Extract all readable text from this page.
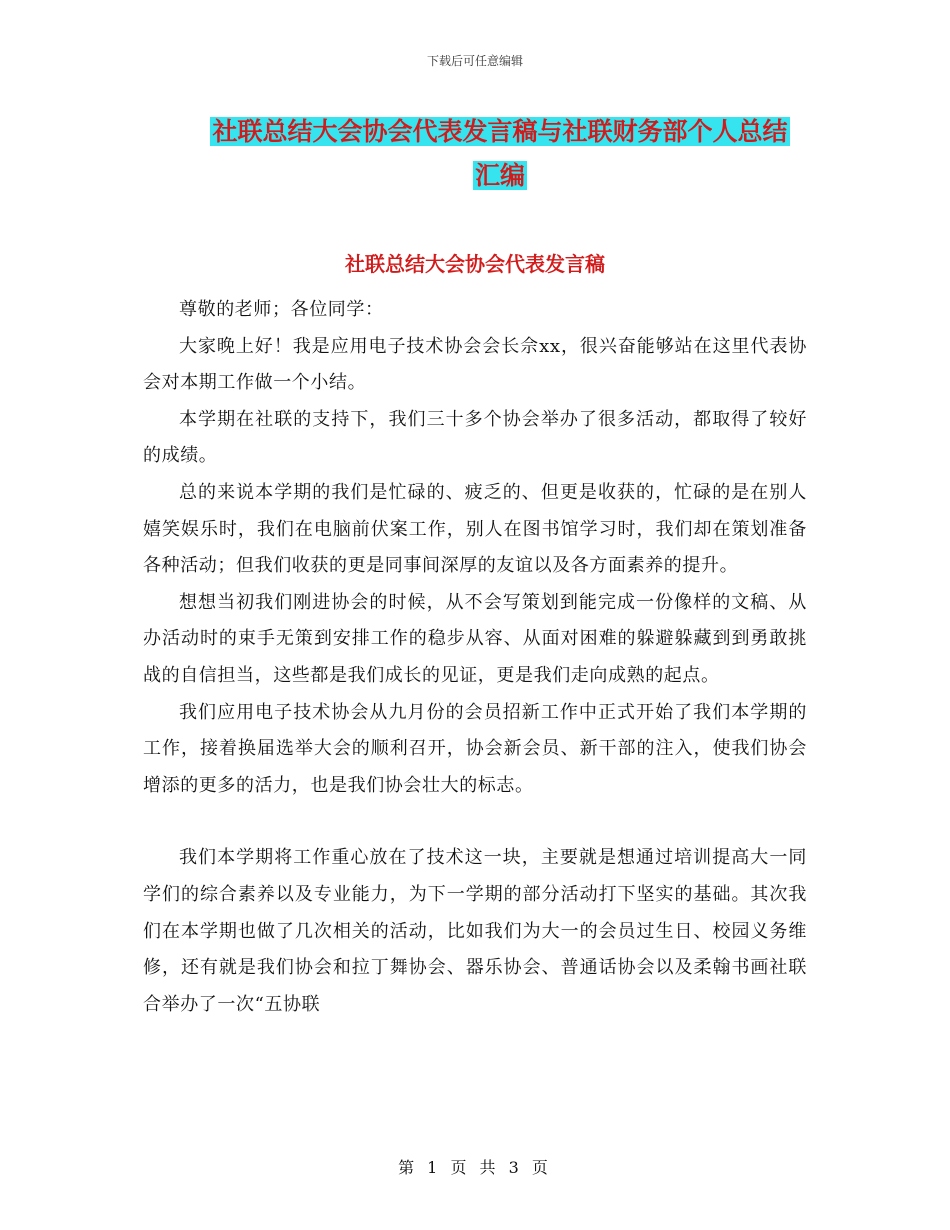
下载后可任意编辑
社联总结大会协会代表发言稿与社联财务部个人总结
汇编
社联总结大会协会代表发言稿

尊敬的老师；各位同学：

大家晚上好！我是应用电子技术协会会长佘xx，很兴奋能够站在这里代表协会对本期工作做一个小结。

本学期在社联的支持下，我们三十多个协会举办了很多活动，都取得了较好的成绩。

总的来说本学期的我们是忙碌的、疲乏的、但更是收获的，忙碌的是在别人嬉笑娱乐时，我们在电脑前伏案工作，别人在图书馆学习时，我们却在策划准备各种活动；但我们收获的更是同事间深厚的友谊以及各方面素养的提升。

想想当初我们刚进协会的时候，从不会写策划到能完成一份像样的文稿、从办活动时的束手无策到安排工作的稳步从容、从面对困难的躲避躲藏到到勇敢挑战的自信担当，这些都是我们成长的见证，更是我们走向成熟的起点。

我们应用电子技术协会从九月份的会员招新工作中正式开始了我们本学期的工作，接着换届选举大会的顺利召开，协会新会员、新干部的注入，使我们协会增添的更多的活力，也是我们协会壮大的标志。

我们本学期将工作重心放在了技术这一块，主要就是想通过培训提高大一同学们的综合素养以及专业能力，为下一学期的部分活动打下坚实的基础。其次我们在本学期也做了几次相关的活动，比如我们为大一的会员过生日、校园义务维修，还有就是我们协会和拉丁舞协会、器乐协会、普通话协会以及柔翰书画社联合举办了一次“五协联

第 1 页 共 3 页
